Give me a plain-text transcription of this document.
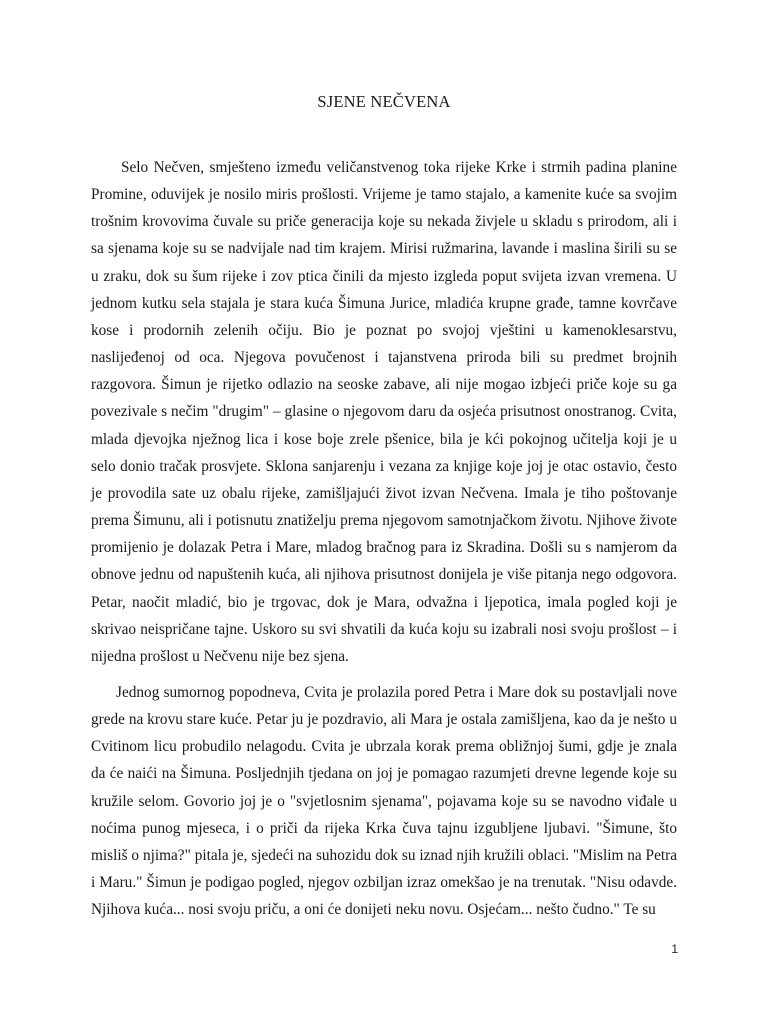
SJENE NEČVENA

Selo Nečven, smješteno između veličanstvenog toka rijeke Krke i strmih padina planine Promine, oduvijek je nosilo miris prošlosti. Vrijeme je tamo stajalo, a kamenite kuće sa svojim trošnim krovovima čuvale su priče generacija koje su nekada živjele u skladu s prirodom, ali i sa sjenama koje su se nadvijale nad tim krajem. Mirisi ružmarina, lavande i maslina širili su se u zraku, dok su šum rijeke i zov ptica činili da mjesto izgleda poput svijeta izvan vremena. U jednom kutku sela stajala je stara kuća Šimuna Jurice, mladića krupne građe, tamne kovrčave kose i prodornih zelenih očiju. Bio je poznat po svojoj vještini u kamenoklesarstvu, naslijeđenoj od oca. Njegova povučenost i tajanstvena priroda bili su predmet brojnih razgovora. Šimun je rijetko odlazio na seoske zabave, ali nije mogao izbjeći priče koje su ga povezivale s nečim "drugim" – glasine o njegovom daru da osjeća prisutnost onostranog. Cvita, mlada djevojka nježnog lica i kose boje zrele pšenice, bila je kći pokojnog učitelja koji je u selo donio tračak prosvjete. Sklona sanjarenju i vezana za knjige koje joj je otac ostavio, često je provodila sate uz obalu rijeke, zamišljajući život izvan Nečvena. Imala je tiho poštovanje prema Šimunu, ali i potisnutu znatiželju prema njegovom samotnjačkom životu. Njihove živote promijenio je dolazak Petra i Mare, mladog bračnog para iz Skradina. Došli su s namjerom da obnove jednu od napuštenih kuća, ali njihova prisutnost donijela je više pitanja nego odgovora. Petar, naočit mladić, bio je trgovac, dok je Mara, odvažna i ljepotica, imala pogled koji je skrivao neispričane tajne. Uskoro su svi shvatili da kuća koju su izabrali nosi svoju prošlost – i nijedna prošlost u Nečvenu nije bez sjena.

Jednog sumornog popodneva, Cvita je prolazila pored Petra i Mare dok su postavljali nove grede na krovu stare kuće. Petar ju je pozdravio, ali Mara je ostala zamišljena, kao da je nešto u Cvitinom licu probudilo nelagodu. Cvita je ubrzala korak prema obližnjoj šumi, gdje je znala da će naići na Šimuna. Posljednjih tjedana on joj je pomagao razumjeti drevne legende koje su kružile selom. Govorio joj je o "svjetlosnim sjenama", pojavama koje su se navodno viđale u noćima punog mjeseca, i o priči da rijeka Krka čuva tajnu izgubljene ljubavi. "Šimune, što misliš o njima?" pitala je, sjedeći na suhozidu dok su iznad njih kružili oblaci. "Mislim na Petra i Maru." Šimun je podigao pogled, njegov ozbiljan izraz omekšao je na trenutak. "Nisu odavde. Njihova kuća... nosi svoju priču, a oni će donijeti neku novu. Osjećam... nešto čudno." Te su

1
